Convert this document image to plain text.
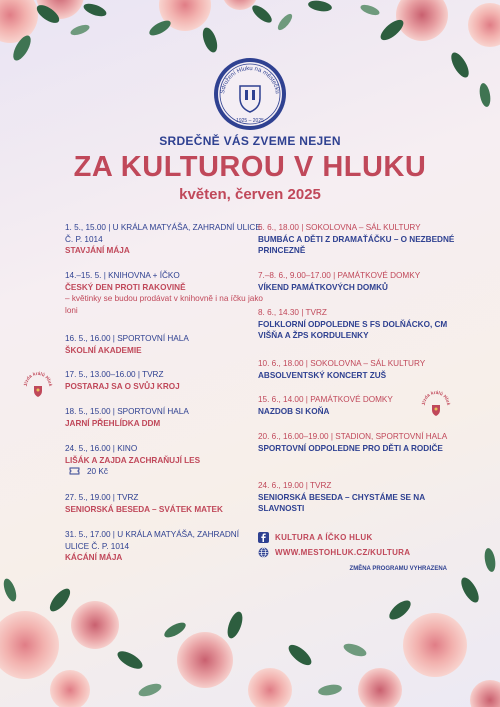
Sdružení Hluku na městečku
1925 – 2025
SRDEČNĚ VÁS ZVEME NEJEN
ZA KULTUROU V HLUKU
květen, červen 2025
1. 5., 15.00 | U KRÁLA MATYÁŠA, ZAHRADNÍ ULICE Č. P. 1014
STAVJÁNÍ MÁJA
14.–15. 5. | KNIHOVNA + ÍČKO
ČESKÝ DEN PROTI RAKOVINĚ
– květinky se budou prodávat v knihovně i na íčku jako loni
16. 5., 16.00 | SPORTOVNÍ HALA
ŠKOLNÍ AKADEMIE
17. 5., 13.00–16.00 | TVRZ
POSTARAJ SA O SVŮJ KROJ
18. 5., 15.00 | SPORTOVNÍ HALA
JARNÍ PŘEHLÍDKA DDM
24. 5., 16.00 | KINO
LIŠÁK A ZAJDA ZACHRAŇUJÍ LES
20 Kč
27. 5., 19.00 | TVRZ
SENIORSKÁ BESEDA – SVÁTEK MATEK
31. 5., 17.00 | U KRÁLA MATYÁŠA, ZAHRADNÍ ULICE Č. P. 1014
KÁCÁNÍ MÁJA
6. 6., 18.00 | SOKOLOVNA – SÁL KULTURY
BUMBÁC A DĚTI Z DRAMAŤÁČKU – O NEZBEDNÉ PRINCEZNĚ
7.–8. 6., 9.00–17.00 | PAMÁTKOVÉ DOMKY
VÍKEND PAMÁTKOVÝCH DOMKŮ
8. 6., 14.30 | TVRZ
FOLKLORNÍ ODPOLEDNE S FS DOLŇÁCKO, CM VIŠŇA A ŽPS KORDULENKY
10. 6., 18.00 | SOKOLOVNA – SÁL KULTURY
ABSOLVENTSKÝ KONCERT ZUŠ
15. 6., 14.00 | PAMÁTKOVÉ DOMKY
NAZDOB SI KOŇA
20. 6., 16.00–19.00 | STADION, SPORTOVNÍ HALA
SPORTOVNÍ ODPOLEDNE PRO DĚTI A RODIČE
24. 6., 19.00 | TVRZ
SENIORSKÁ BESEDA – CHYSTÁME SE NA SLAVNOSTI
Jízda králů Hluk
Jízda králů Hluk
KULTURA A ÍČKO HLUK
WWW.MESTOHLUK.CZ/KULTURA
ZMĚNA PROGRAMU VYHRAZENA
